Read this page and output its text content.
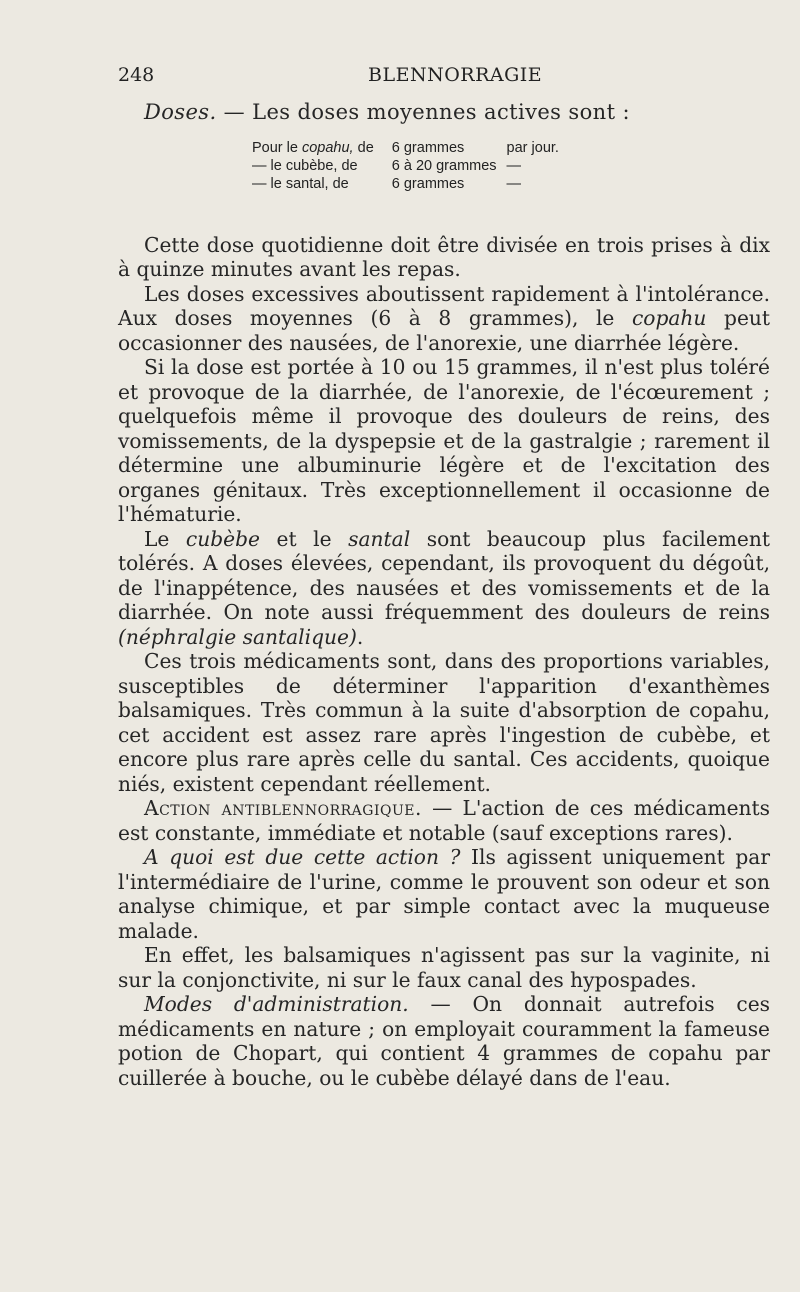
248	BLENNORRAGIE

Doses. — Les doses moyennes actives sont :

Pour le copahu, de	6 grammes	par jour.
— le cubèbe, de	6 à 20 grammes	—
— le santal, de	6 grammes	—

Cette dose quotidienne doit être divisée en trois prises à dix à quinze minutes avant les repas.

Les doses excessives aboutissent rapidement à l'intolérance. Aux doses moyennes (6 à 8 grammes), le copahu peut occasionner des nausées, de l'anorexie, une diarrhée légère.

Si la dose est portée à 10 ou 15 grammes, il n'est plus toléré et provoque de la diarrhée, de l'anorexie, de l'écœurement ; quelquefois même il provoque des douleurs de reins, des vomissements, de la dyspepsie et de la gastralgie ; rarement il détermine une albuminurie légère et de l'excitation des organes génitaux. Très exceptionnellement il occasionne de l'hématurie.

Le cubèbe et le santal sont beaucoup plus facilement tolérés. A doses élevées, cependant, ils provoquent du dégoût, de l'inappétence, des nausées et des vomissements et de la diarrhée. On note aussi fréquemment des douleurs de reins (néphralgie santalique).

Ces trois médicaments sont, dans des proportions variables, susceptibles de déterminer l'apparition d'exanthèmes balsamiques. Très commun à la suite d'absorption de copahu, cet accident est assez rare après l'ingestion de cubèbe, et encore plus rare après celle du santal. Ces accidents, quoique niés, existent cependant réellement.

Action antiblennorragique. — L'action de ces médicaments est constante, immédiate et notable (sauf exceptions rares).

A quoi est due cette action ? Ils agissent uniquement par l'intermédiaire de l'urine, comme le prouvent son odeur et son analyse chimique, et par simple contact avec la muqueuse malade.

En effet, les balsamiques n'agissent pas sur la vaginite, ni sur la conjonctivite, ni sur le faux canal des hypospades.

Modes d'administration. — On donnait autrefois ces médicaments en nature ; on employait couramment la fameuse potion de Chopart, qui contient 4 grammes de copahu par cuillerée à bouche, ou le cubèbe délayé dans de l'eau.
